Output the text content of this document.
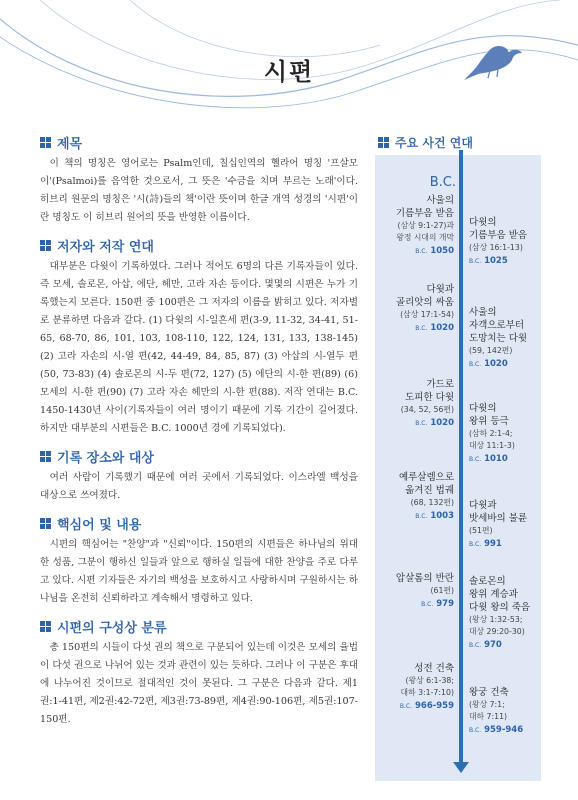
시편
제목

이 책의 명칭은 영어로는 Psalm인데, 칠십인역의 헬라어 명칭 '프살모이'(Psalmoi)를 음역한 것으로서, 그 뜻은 '수금을 치며 부르는 노래'이다. 히브리 원문의 명칭은 '시(詩)들의 책'이란 뜻이며 한글 개역 성경의 '시편'이란 명칭도 이 히브리 원어의 뜻을 반영한 이름이다.

저자와 저작 연대

대부분은 다윗이 기록하였다. 그러나 적어도 6명의 다른 기록자들이 있다. 즉 모세, 솔로몬, 아삽, 에단, 헤만, 고라 자손 등이다. 몇몇의 시편은 누가 기록했는지 모른다. 150편 중 100편은 그 저자의 이름을 밝히고 있다. 저자별로 분류하면 다음과 같다. (1) 다윗의 시-일흔세 편(3-9, 11-32, 34-41, 51-65, 68-70, 86, 101, 103, 108-110, 122, 124, 131, 133, 138-145) (2) 고라 자손의 시-열 편(42, 44-49, 84, 85, 87) (3) 아삽의 시-열두 편(50, 73-83) (4) 솔로몬의 시-두 편(72, 127) (5) 에단의 시-한 편(89) (6) 모세의 시-한 편(90) (7) 고라 자손 헤만의 시-한 편(88). 저작 연대는 B.C. 1450-1430년 사이(기록자들이 여러 명이기 때문에 기록 기간이 길어졌다. 하지만 대부분의 시편들은 B.C. 1000년 경에 기록되었다).

기록 장소와 대상

여러 사람이 기록했기 때문에 여러 곳에서 기록되었다. 이스라엘 백성을 대상으로 쓰여졌다.

핵심어 및 내용

시편의 핵심어는 "찬양"과 "신뢰"이다. 150편의 시편들은 하나님의 위대한 성품, 그분이 행하신 일들과 앞으로 행하실 일들에 대한 찬양을 주로 다루고 있다. 시편 기자들은 자기의 백성을 보호하시고 사랑하시며 구원하시는 하나님을 온전히 신뢰하라고 계속해서 명령하고 있다.

시편의 구성상 분류

총 150편의 시들이 다섯 권의 책으로 구분되어 있는데 이것은 모세의 율법이 다섯 권으로 나뉘어 있는 것과 관련이 있는 듯하다. 그러나 이 구분은 후대에 나누어진 것이므로 절대적인 것이 못된다. 그 구분은 다음과 같다. 제1권:1-41편, 제2권:42-72편, 제3권:73-89편, 제4권:90-106편, 제5권:107-150편.

주요 사건 연대
B.C.
사울의
기름부음 받음
(삼상 9:1-27)과
왕정 시대의 개막
B.C. 1050
다윗과
골리앗의 싸움
(삼상 17:1-54)
B.C. 1020
가드로
도피한 다윗
(34, 52, 56편)
B.C. 1020
예루살렘으로
옮겨진 법궤
(68, 132편)
B.C. 1003
압살롬의 반란
(61편)
B.C. 979
성전 건축
(왕상 6:1-38;
대하 3:1-7:10)
B.C. 966-959
다윗의
기름부음 받음
(삼상 16:1-13)
B.C. 1025
사울의
자객으로부터
도망치는 다윗
(59, 142편)
B.C. 1020
다윗의
왕위 등극
(삼하 2:1-4;
대상 11:1-3)
B.C. 1010
다윗과
밧세바의 불륜
(51편)
B.C. 991
솔로몬의
왕위 계승과
다윗 왕의 죽음
(왕상 1:32-53;
대상 29:20-30)
B.C. 970
왕궁 건축
(왕상 7:1;
대하 7:11)
B.C. 959-946
